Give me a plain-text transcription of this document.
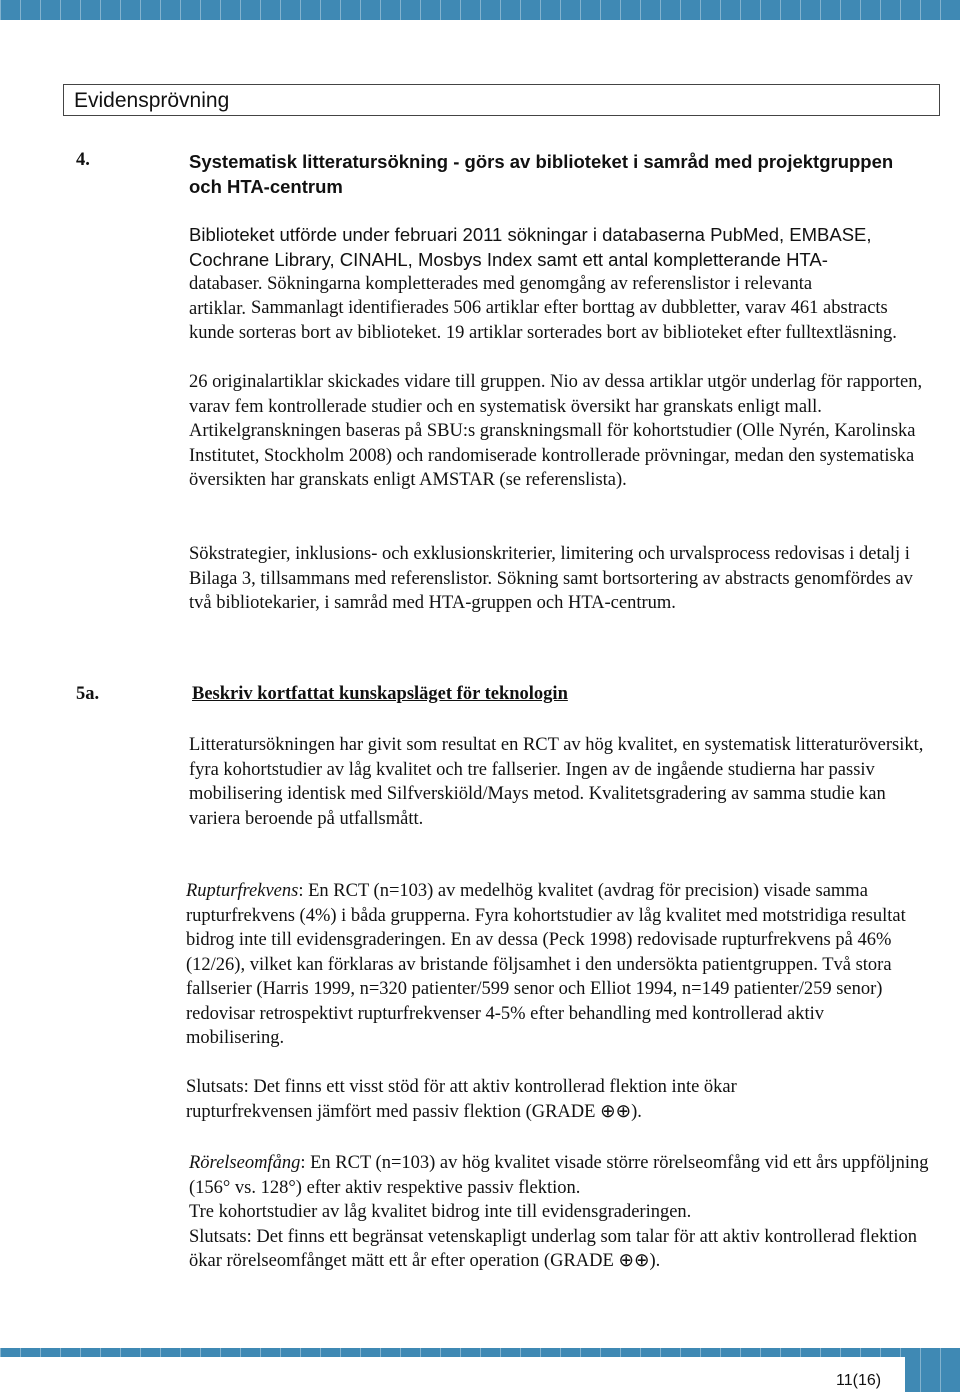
Evidensprövning
4.	Systematisk litteratursökning - görs av biblioteket i samråd med projektgruppen och HTA-centrum

Biblioteket utförde under februari 2011 sökningar i databaserna PubMed, EMBASE,

Cochrane Library, CINAHL, Mosbys Index samt ett antal kompletterande HTA-

databaser. Sökningarna kompletterades med genomgång av referenslistor i relevanta

artiklar. Sammanlagt identifierades 506 artiklar efter borttag av dubbletter, varav 461 abstracts kunde sorteras bort av biblioteket. 19 artiklar sorterades bort av biblioteket efter fulltextläsning.

26 originalartiklar skickades vidare till gruppen. Nio av dessa artiklar utgör underlag för rapporten, varav fem kontrollerade studier och en systematisk översikt har granskats enligt mall. Artikelgranskningen baseras på SBU:s granskningsmall för kohortstudier (Olle Nyrén, Karolinska Institutet, Stockholm 2008) och randomiserade kontrollerade prövningar, medan den systematiska översikten har granskats enligt AMSTAR (se referenslista).

Sökstrategier, inklusions- och exklusionskriterier, limitering och urvalsprocess redovisas i detalj i Bilaga 3, tillsammans med referenslistor. Sökning samt bortsortering av abstracts genomfördes av två bibliotekarier, i samråd med HTA-gruppen och HTA-centrum.

5a.	Beskriv kortfattat kunskapsläget för teknologin

Litteratursökningen har givit som resultat en RCT av hög kvalitet, en systematisk litteraturöversikt, fyra kohortstudier av låg kvalitet och tre fallserier. Ingen av de ingående studierna har passiv mobilisering identisk med Silfverskiöld/Mays metod. Kvalitetsgradering av samma studie kan variera beroende på utfallsmått.

Rupturfrekvens: En RCT (n=103) av medelhög kvalitet (avdrag för precision) visade samma rupturfrekvens (4%) i båda grupperna. Fyra kohortstudier av låg kvalitet med motstridiga resultat bidrog inte till evidensgraderingen. En av dessa (Peck 1998) redovisade rupturfrekvens på 46% (12/26), vilket kan förklaras av bristande följsamhet i den undersökta patientgruppen. Två stora fallserier (Harris 1999, n=320 patienter/599 senor och Elliot 1994, n=149 patienter/259 senor) redovisar retrospektivt rupturfrekvenser 4-5% efter behandling med kontrollerad aktiv mobilisering.

Slutsats: Det finns ett visst stöd för att aktiv kontrollerad flektion inte ökar rupturfrekvensen jämfört med passiv flektion (GRADE ⊕⊕).

Rörelseomfång: En RCT (n=103) av hög kvalitet visade större rörelseomfång vid ett års uppföljning (156° vs. 128°) efter aktiv respektive passiv flektion.

Tre kohortstudier av låg kvalitet bidrog inte till evidensgraderingen.

Slutsats: Det finns ett begränsat vetenskapligt underlag som talar för att aktiv kontrollerad flektion ökar rörelseomfånget mätt ett år efter operation (GRADE ⊕⊕).

11(16)
